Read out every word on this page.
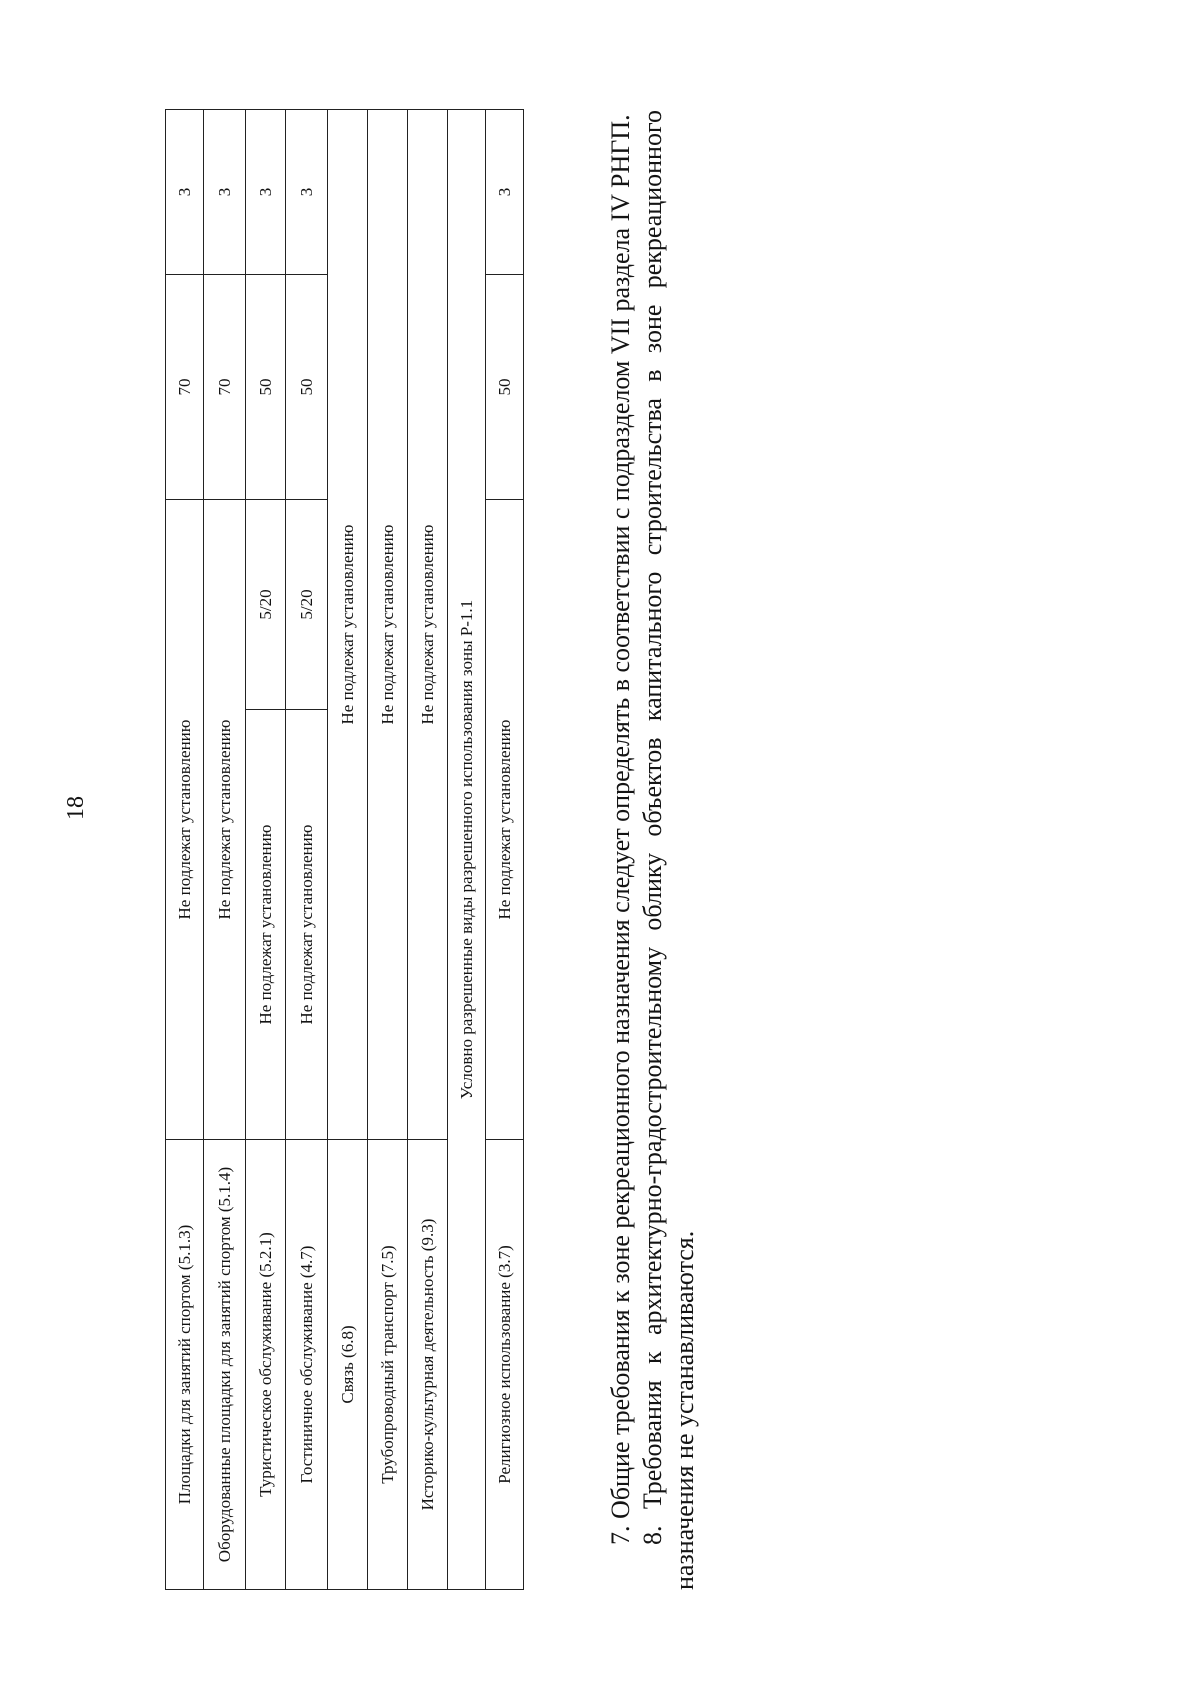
18
Площадки для занятий спортом (5.1.3)	Не подлежат установлению		70	3
Оборудованные площадки для занятий спортом (5.1.4)	Не подлежат установлению		70	3
Туристическое обслуживание (5.2.1)	Не подлежат установлению	5/20	50	3
Гостиничное обслуживание (4.7)	Не подлежат установлению	5/20	50	3
Связь (6.8)	Не подлежат установлению			
Трубопроводный транспорт (7.5)	Не подлежат установлению			
Историко-культурная деятельность (9.3)	Не подлежат установлению			
Условно разрешенные виды разрешенного использования зоны Р-1.1				
Религиозное использование (3.7)	Не подлежат установлению		50	3	7. Общие требования к зоне рекреационного назначения следует определять в соответствии с подразделом VII раздела IV РНГП. 8. Требования к архитектурно-градостроительному облику объектов капитального строительства в зоне рекреационного назначения не устанавливаются.
